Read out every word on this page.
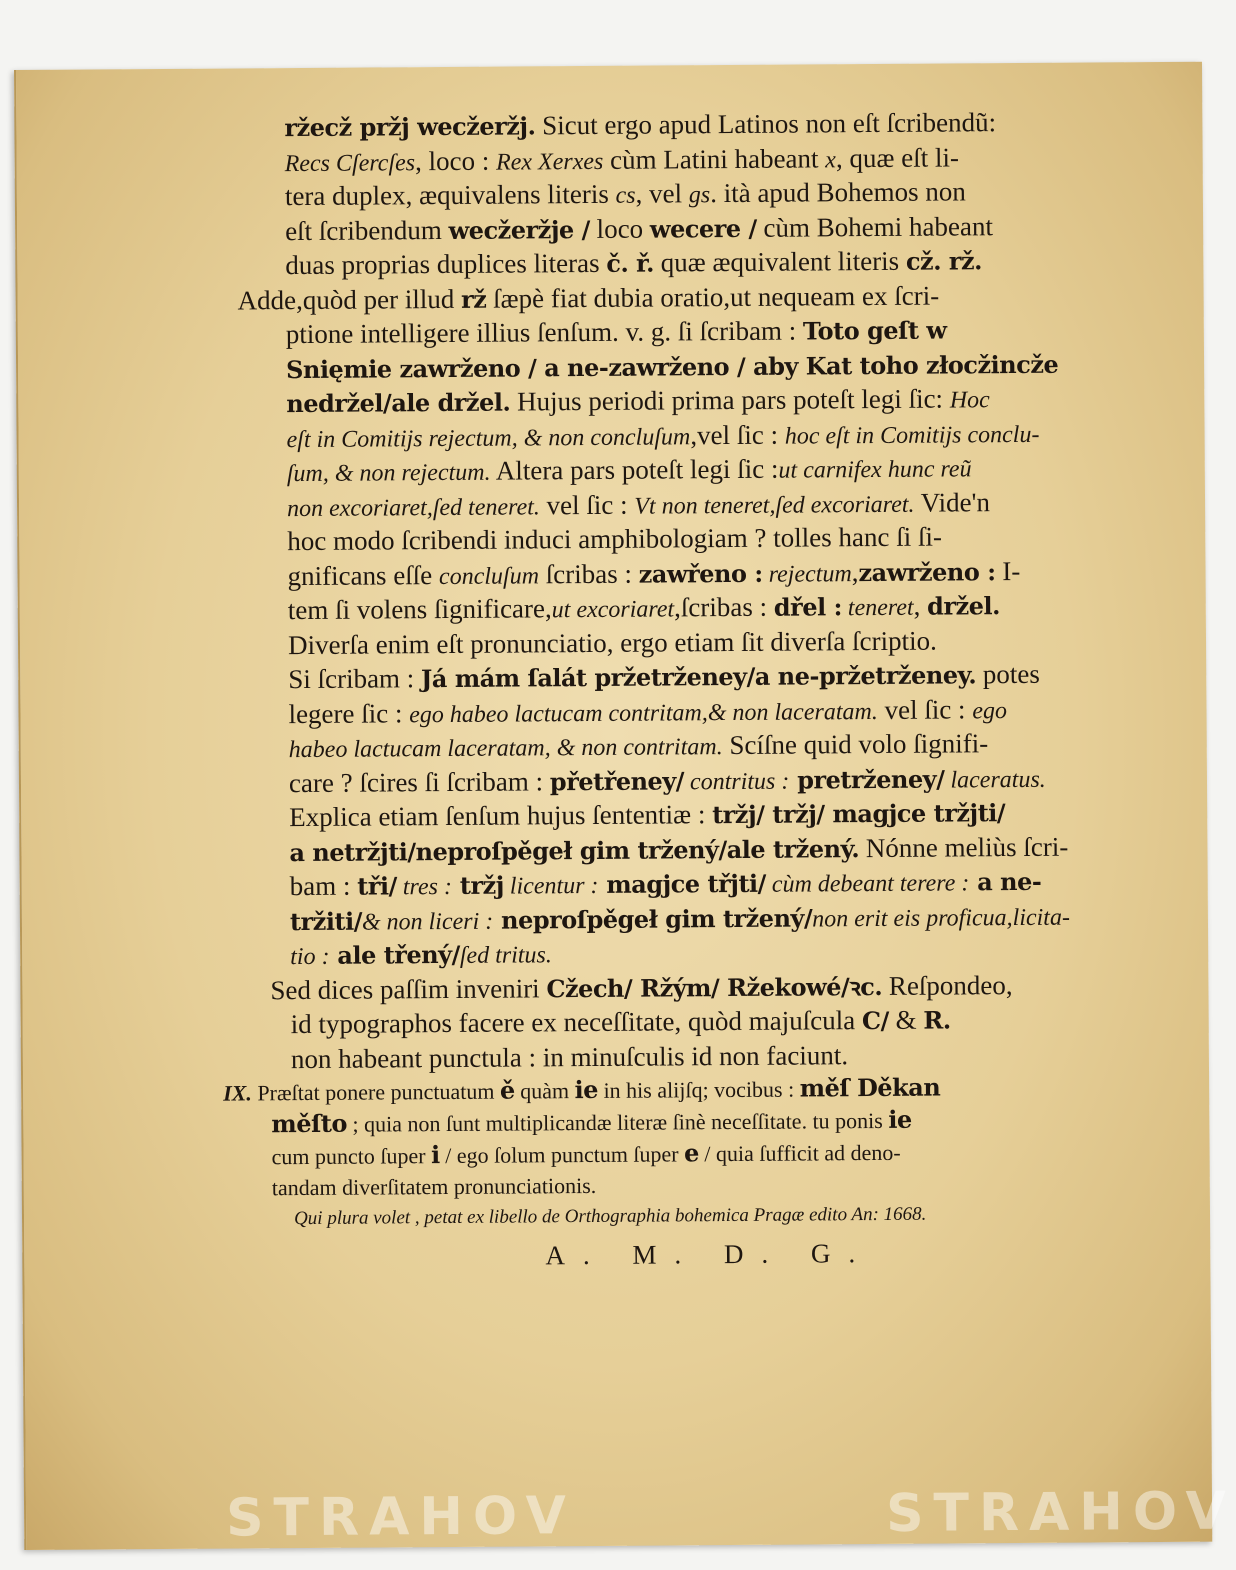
ržecž pržj wecžeržj. Sicut ergo apud Latinos non eſt ſcribendũ:
Recs Cſercſes, loco : Rex Xerxes cùm Latini habeant x, quæ eſt li-
tera duplex, æquivalens literis cs, vel gs. ità apud Bohemos non
eſt ſcribendum wecžeržje / loco wecere / cùm Bohemi habeant
duas proprias duplices literas č. ř. quæ æquivalent literis cž. rž.
Adde,quòd per illud rž ſæpè fiat dubia oratio,ut nequeam ex ſcri-
ptione intelligere illius ſenſum. v. g. ſi ſcribam : Toto geſt w
Snięmie zawrženo / a ne-zawrženo / aby Kat toho złocžincže
nedržel/ale držel. Hujus periodi prima pars poteſt legi ſic: Hoc
eſt in Comitijs rejectum, & non concluſum,vel ſic : hoc eſt in Comitijs conclu-
ſum, & non rejectum. Altera pars poteſt legi ſic :ut carnifex hunc reũ
non excoriaret,ſed teneret. vel ſic : Vt non teneret,ſed excoriaret. Vide'n
hoc modo ſcribendi induci amphibologiam ? tolles hanc ſi ſi-
gnificans eſſe concluſum ſcribas : zawřeno : rejectum,zawrženo : I-
tem ſi volens ſignificare,ut excoriaret,ſcribas : dřel : teneret, držel.
Diverſa enim eſt pronunciatio, ergo etiam ſit diverſa ſcriptio.
Si ſcribam : Já mám ſalát pržetrženey/a ne-pržetrženey. potes
legere ſic : ego habeo lactucam contritam,& non laceratam. vel ſic : ego
habeo lactucam laceratam, & non contritam. Scíſne quid volo ſignifi-
care ? ſcires ſi ſcribam : přetřeney/ contritus : pretrženey/ laceratus.
Explica etiam ſenſum hujus ſententiæ : tržj/ tržj/ magjce tržjti/
a netržjti/neproſpěgeł gim tržený/ale tržený. Nónne meliùs ſcri-
bam : tři/ tres : tržj licentur : magjce třjti/ cùm debeant terere : a ne-
tržiti/& non liceri : neproſpěgeł gim tržený/non erit eis proficua,licita-
tio : ale třený/ſed tritus.
Sed dices paſſim inveniri Cžech/ Ržým/ Ržekowé/ꝛc. Reſpondeo,
id typographos facere ex neceſſitate, quòd majuſcula C/ & R.
non habeant punctula : in minuſculis id non faciunt.
IX. Præſtat ponere punctuatum ě quàm ie in his alijſq; vocibus : měſ Děkan
měſto ; quia non ſunt multiplicandæ literæ ſinè neceſſitate. tu ponis ie
cum puncto ſuper i / ego ſolum punctum ſuper e / quia ſufficit ad deno-
tandam diverſitatem pronunciationis.
Qui plura volet , petat ex libello de Orthographia bohemica Pragæ edito An: 1668.
A. M. D. G.
STRAHOV	STRAHOV
